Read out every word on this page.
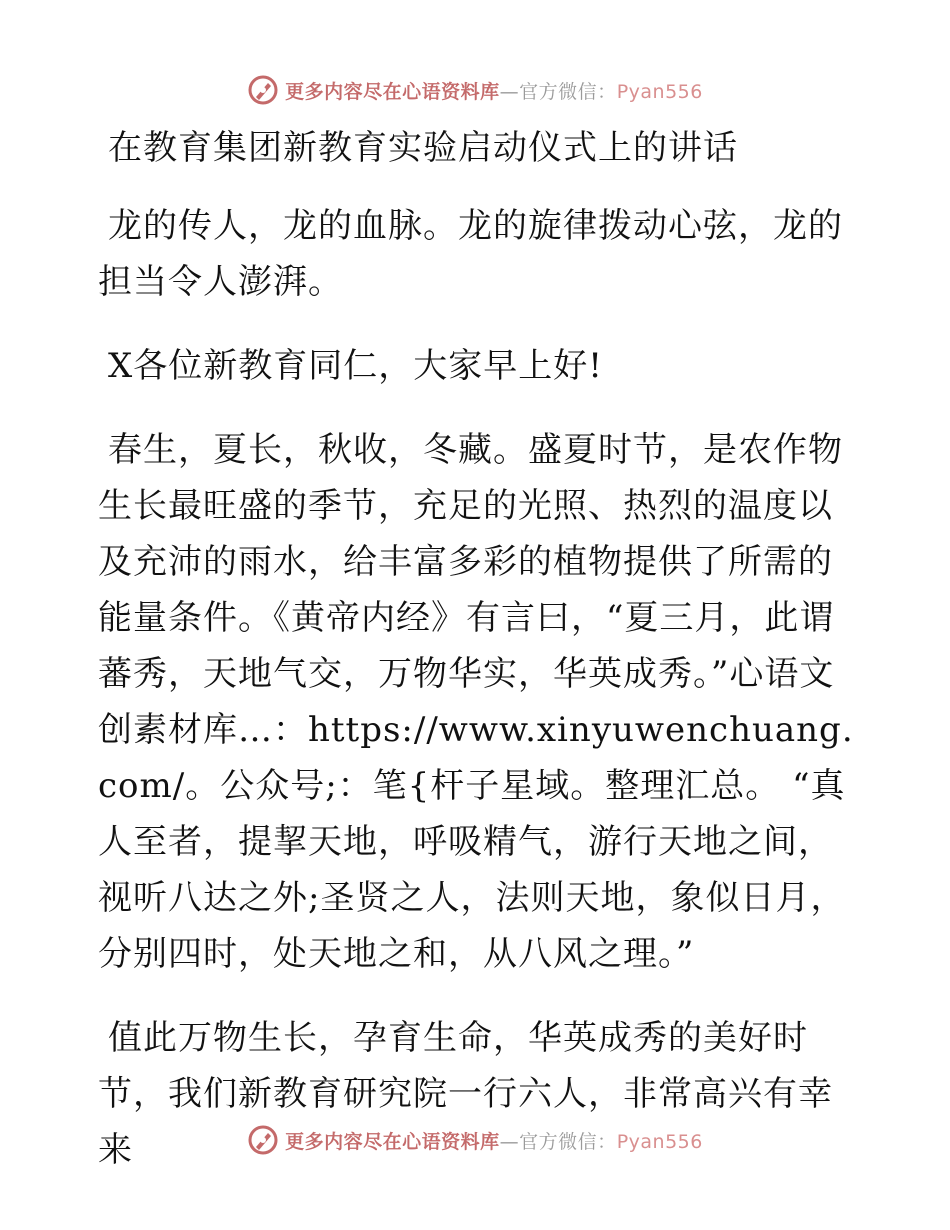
更多内容尽在心语资料库—官方微信：Pyan556

在教育集团新教育实验启动仪式上的讲话

龙的传人，龙的血脉。龙的旋律拨动心弦，龙的担当令人澎湃。

X各位新教育同仁，大家早上好!

春生，夏长，秋收，冬藏。盛夏时节，是农作物生长最旺盛的季节，充足的光照、热烈的温度以及充沛的雨水，给丰富多彩的植物提供了所需的能量条件。《黄帝内经》有言曰，“夏三月，此谓蕃秀，天地气交，万物华实，华英成秀。”心语文创素材库…：https://www.xinyuwenchuang.com/。公众号;：笔{杆子星域。整理汇总。 “真人至者，提挈天地，呼吸精气，游行天地之间，视听八达之外;圣贤之人，法则天地，象似日月，分别四时，处天地之和，从八风之理。”

值此万物生长，孕育生命，华英成秀的美好时节，我们新教育研究院一行六人，非常高兴有幸来	更多内容尽在心语资料库—官方微信：Pyan556
